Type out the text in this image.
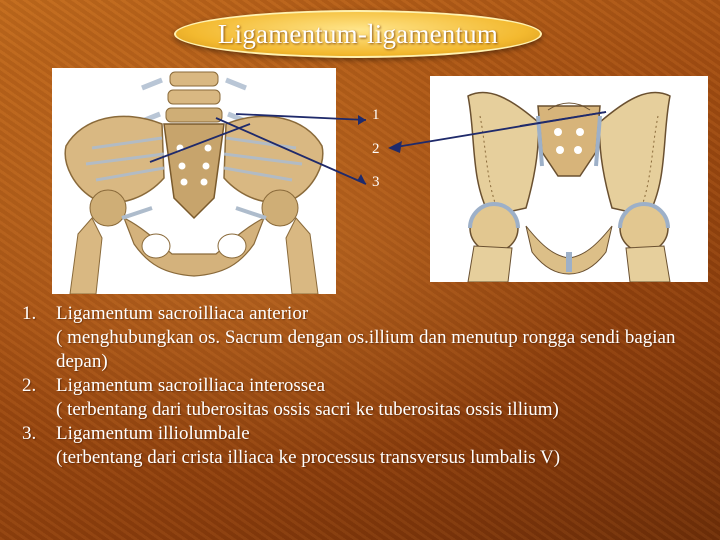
Ligamentum-ligamentum
1
2
3
1.	Ligamentum sacroilliaca anterior
( menghubungkan os. Sacrum dengan os.illium dan menutup rongga sendi bagian depan)
2.	Ligamentum sacroilliaca interossea
( terbentang dari tuberositas ossis sacri ke tuberositas ossis illium)
3.	Ligamentum illiolumbale
(terbentang dari crista illiaca ke processus transversus lumbalis V)
